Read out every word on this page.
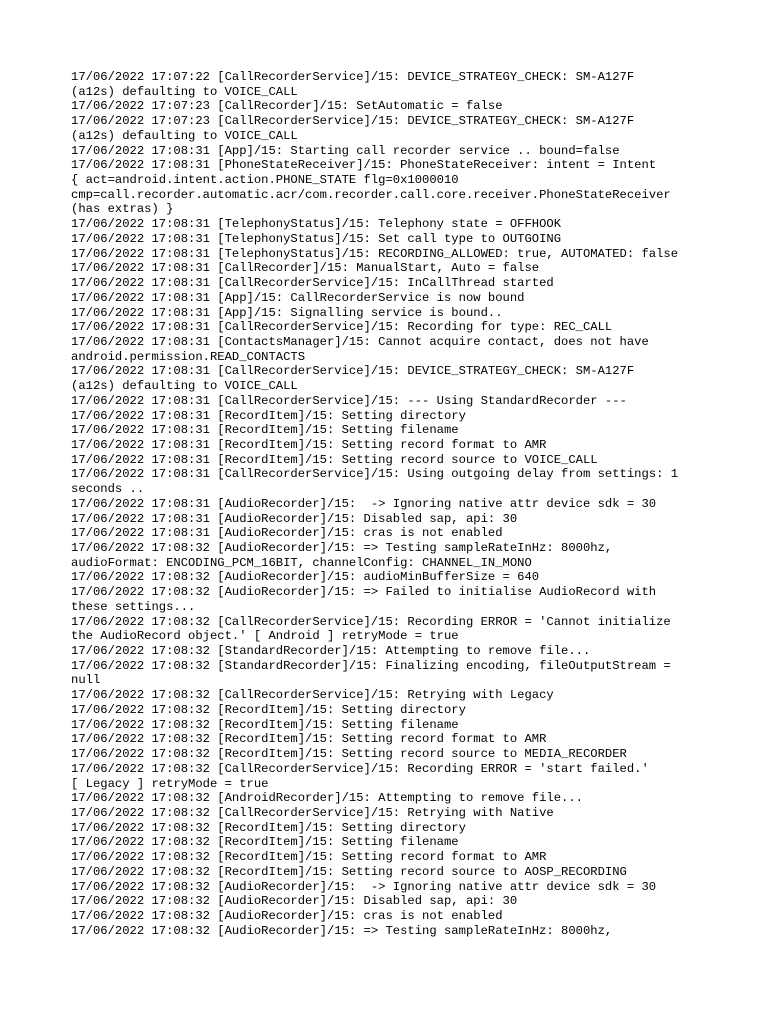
17/06/2022 17:07:22 [CallRecorderService]/15: DEVICE_STRATEGY_CHECK: SM-A127F
(a12s) defaulting to VOICE_CALL
17/06/2022 17:07:23 [CallRecorder]/15: SetAutomatic = false
17/06/2022 17:07:23 [CallRecorderService]/15: DEVICE_STRATEGY_CHECK: SM-A127F
(a12s) defaulting to VOICE_CALL
17/06/2022 17:08:31 [App]/15: Starting call recorder service .. bound=false
17/06/2022 17:08:31 [PhoneStateReceiver]/15: PhoneStateReceiver: intent = Intent
{ act=android.intent.action.PHONE_STATE flg=0x1000010
cmp=call.recorder.automatic.acr/com.recorder.call.core.receiver.PhoneStateReceiver
(has extras) }
17/06/2022 17:08:31 [TelephonyStatus]/15: Telephony state = OFFHOOK
17/06/2022 17:08:31 [TelephonyStatus]/15: Set call type to OUTGOING
17/06/2022 17:08:31 [TelephonyStatus]/15: RECORDING_ALLOWED: true, AUTOMATED: false
17/06/2022 17:08:31 [CallRecorder]/15: ManualStart, Auto = false
17/06/2022 17:08:31 [CallRecorderService]/15: InCallThread started
17/06/2022 17:08:31 [App]/15: CallRecorderService is now bound
17/06/2022 17:08:31 [App]/15: Signalling service is bound..
17/06/2022 17:08:31 [CallRecorderService]/15: Recording for type: REC_CALL
17/06/2022 17:08:31 [ContactsManager]/15: Cannot acquire contact, does not have
android.permission.READ_CONTACTS
17/06/2022 17:08:31 [CallRecorderService]/15: DEVICE_STRATEGY_CHECK: SM-A127F
(a12s) defaulting to VOICE_CALL
17/06/2022 17:08:31 [CallRecorderService]/15: --- Using StandardRecorder ---
17/06/2022 17:08:31 [RecordItem]/15: Setting directory
17/06/2022 17:08:31 [RecordItem]/15: Setting filename
17/06/2022 17:08:31 [RecordItem]/15: Setting record format to AMR
17/06/2022 17:08:31 [RecordItem]/15: Setting record source to VOICE_CALL
17/06/2022 17:08:31 [CallRecorderService]/15: Using outgoing delay from settings: 1
seconds ..
17/06/2022 17:08:31 [AudioRecorder]/15:  -> Ignoring native attr device sdk = 30
17/06/2022 17:08:31 [AudioRecorder]/15: Disabled sap, api: 30
17/06/2022 17:08:31 [AudioRecorder]/15: cras is not enabled
17/06/2022 17:08:32 [AudioRecorder]/15: => Testing sampleRateInHz: 8000hz,
audioFormat: ENCODING_PCM_16BIT, channelConfig: CHANNEL_IN_MONO
17/06/2022 17:08:32 [AudioRecorder]/15: audioMinBufferSize = 640
17/06/2022 17:08:32 [AudioRecorder]/15: => Failed to initialise AudioRecord with
these settings...
17/06/2022 17:08:32 [CallRecorderService]/15: Recording ERROR = 'Cannot initialize
the AudioRecord object.' [ Android ] retryMode = true
17/06/2022 17:08:32 [StandardRecorder]/15: Attempting to remove file...
17/06/2022 17:08:32 [StandardRecorder]/15: Finalizing encoding, fileOutputStream =
null
17/06/2022 17:08:32 [CallRecorderService]/15: Retrying with Legacy
17/06/2022 17:08:32 [RecordItem]/15: Setting directory
17/06/2022 17:08:32 [RecordItem]/15: Setting filename
17/06/2022 17:08:32 [RecordItem]/15: Setting record format to AMR
17/06/2022 17:08:32 [RecordItem]/15: Setting record source to MEDIA_RECORDER
17/06/2022 17:08:32 [CallRecorderService]/15: Recording ERROR = 'start failed.'
[ Legacy ] retryMode = true
17/06/2022 17:08:32 [AndroidRecorder]/15: Attempting to remove file...
17/06/2022 17:08:32 [CallRecorderService]/15: Retrying with Native
17/06/2022 17:08:32 [RecordItem]/15: Setting directory
17/06/2022 17:08:32 [RecordItem]/15: Setting filename
17/06/2022 17:08:32 [RecordItem]/15: Setting record format to AMR
17/06/2022 17:08:32 [RecordItem]/15: Setting record source to AOSP_RECORDING
17/06/2022 17:08:32 [AudioRecorder]/15:  -> Ignoring native attr device sdk = 30
17/06/2022 17:08:32 [AudioRecorder]/15: Disabled sap, api: 30
17/06/2022 17:08:32 [AudioRecorder]/15: cras is not enabled
17/06/2022 17:08:32 [AudioRecorder]/15: => Testing sampleRateInHz: 8000hz,
